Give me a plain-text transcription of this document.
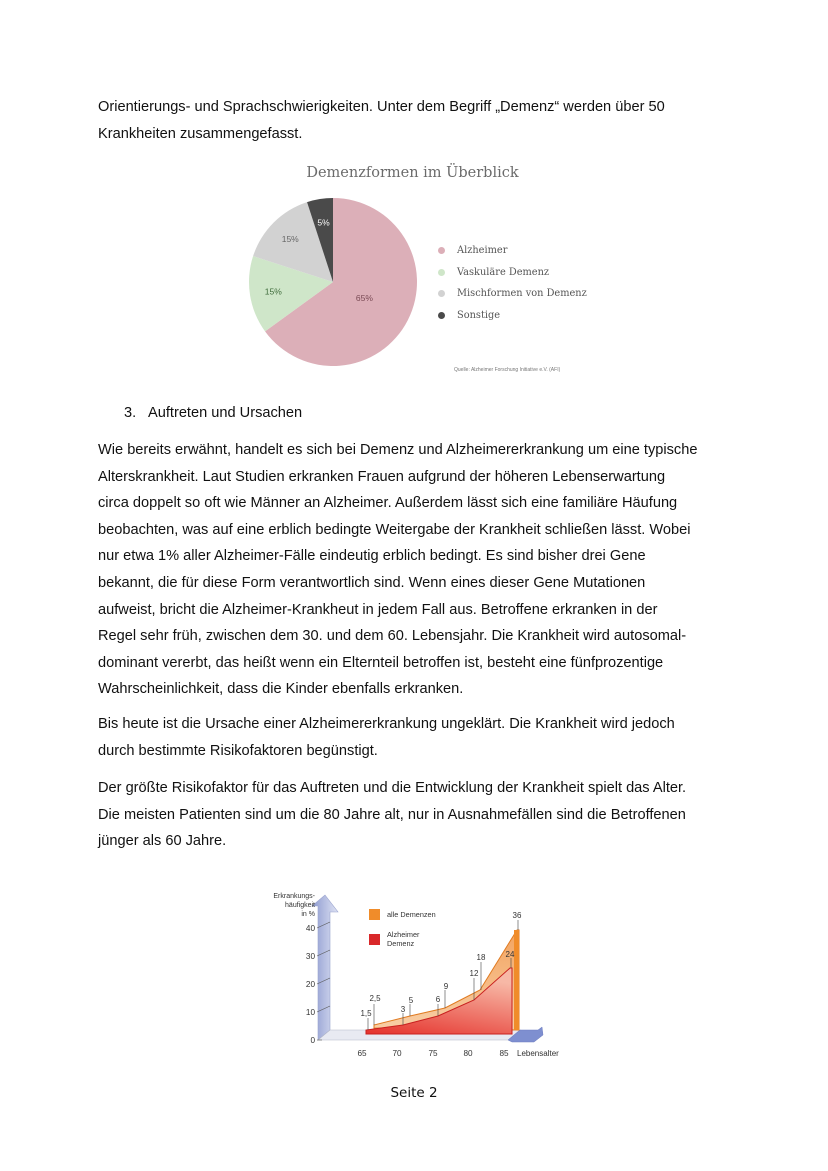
Orientierungs- und Sprachschwierigkeiten. Unter dem Begriff „Demenz“ werden über 50
Krankheiten zusammengefasst.
Demenzformen im Überblick
65%
15%
15%
5%
Alzheimer
Vaskuläre Demenz
Mischformen von Demenz
Sonstige
Quelle: Alzheimer Forschung Initiative e.V. (AFI)
3. Auftreten und Ursachen
Wie bereits erwähnt, handelt es sich bei Demenz und Alzheimererkrankung um eine typische
Alterskrankheit. Laut Studien erkranken Frauen aufgrund der höheren Lebenserwartung
circa doppelt so oft wie Männer an Alzheimer. Außerdem lässt sich eine familiäre Häufung
beobachten, was auf eine erblich bedingte Weitergabe der Krankheit schließen lässt. Wobei
nur etwa 1% aller Alzheimer-Fälle eindeutig erblich bedingt. Es sind bisher drei Gene
bekannt, die für diese Form verantwortlich sind. Wenn eines dieser Gene Mutationen
aufweist, bricht die Alzheimer-Krankheut in jedem Fall aus. Betroffene erkranken in der
Regel sehr früh, zwischen dem 30. und dem 60. Lebensjahr. Die Krankheit wird autosomal-
dominant vererbt, das heißt wenn ein Elternteil betroffen ist, besteht eine fünfprozentige
Wahrscheinlichkeit, dass die Kinder ebenfalls erkranken.
Bis heute ist die Ursache einer Alzheimererkrankung ungeklärt. Die Krankheit wird jedoch
durch bestimmte Risikofaktoren begünstigt.
Der größte Risikofaktor für das Auftreten und die Entwicklung der Krankheit spielt das Alter.
Die meisten Patienten sind um die 80 Jahre alt, nur in Ausnahmefällen sind die Betroffenen
jünger als 60 Jahre.
0
10
20
30
40
Erkrankungs-
häufigkeit
in %
1,5
2,5
3
5	6
9
12
18	24
36
65	70	75	80	85 Lebensalter
alle Demenzen
Alzheimer
Demenz
Seite 2
